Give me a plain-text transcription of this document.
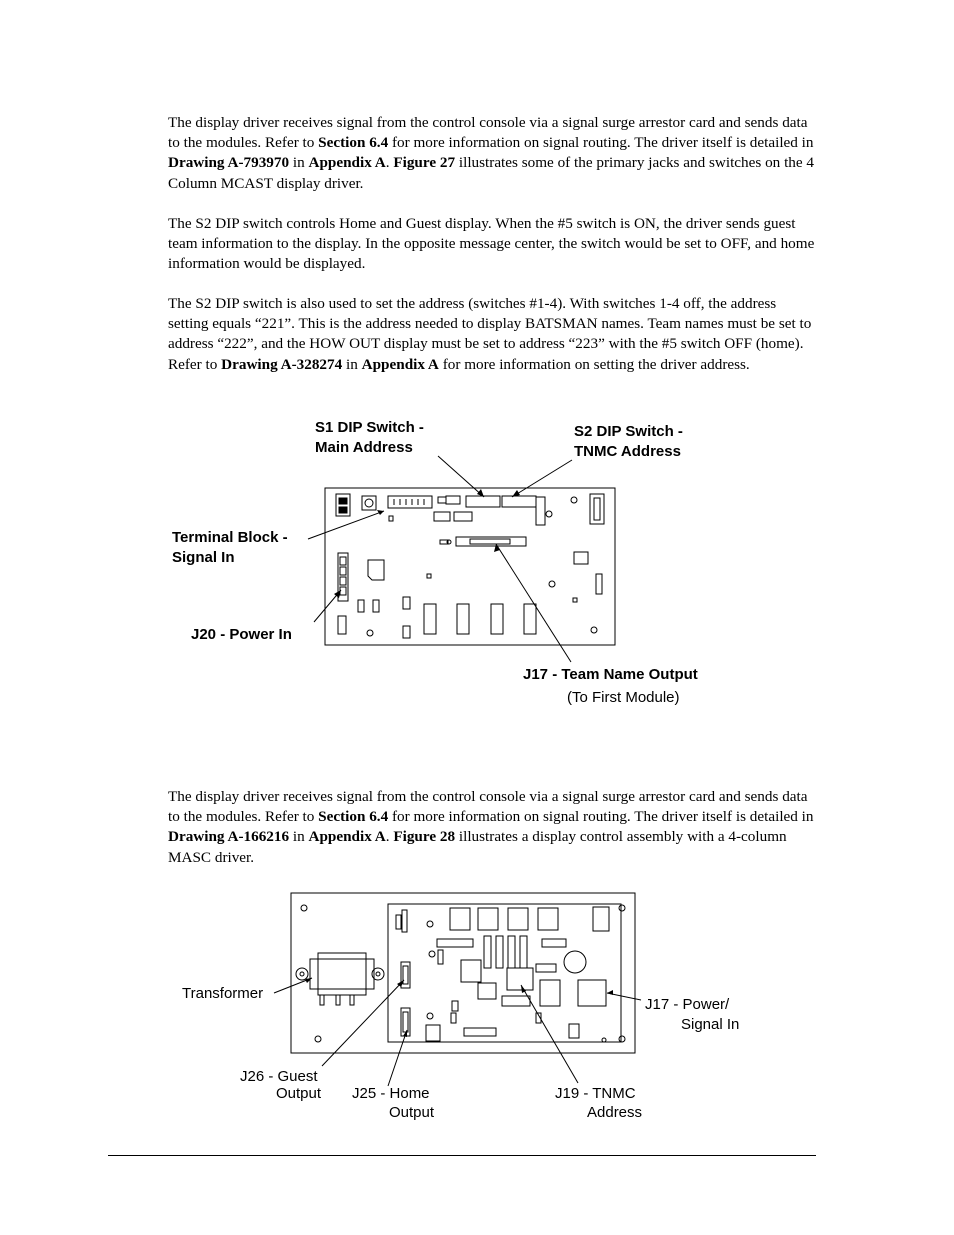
The display driver receives signal from the control console via a signal surge arrestor card and sends data to the modules. Refer to Section 6.4 for more information on signal routing. The driver itself is detailed in Drawing A-793970 in Appendix A. Figure 27 illustrates some of the primary jacks and switches on the 4 Column MCAST display driver.

The S2 DIP switch controls Home and Guest display. When the #5 switch is ON, the driver sends guest team information to the display. In the opposite message center, the switch would be set to OFF, and home information would be displayed.

The S2 DIP switch is also used to set the address (switches #1-4). With switches 1-4 off, the address setting equals “221”. This is the address needed to display BATSMAN names. Team names must be set to address “222”, and the HOW OUT display must be set to address “223” with the #5 switch OFF (home). Refer to Drawing A-328274 in Appendix A for more information on setting the driver address.

The display driver receives signal from the control console via a signal surge arrestor card and sends data to the modules. Refer to Section 6.4 for more information on signal routing. The driver itself is detailed in Drawing A-166216 in Appendix A. Figure 28 illustrates a display control assembly with a 4-column MASC driver.

S1 DIP Switch -
Main Address
S2 DIP Switch -
TNMC Address
Terminal Block -
Signal In
J20 - Power In
J17 - Team Name Output
(To First Module)
Transformer
J17 - Power/
Signal In
J26 - Guest
Output J25 - Home
Output
J19 - TNMC
Address
